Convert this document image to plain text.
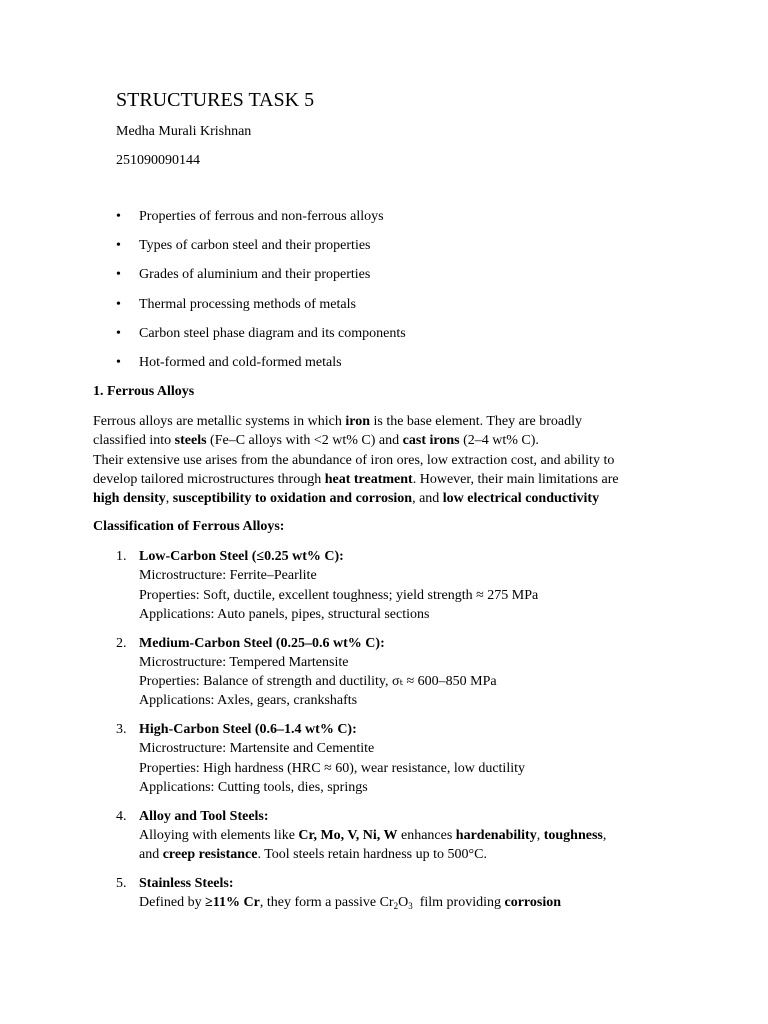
STRUCTURES TASK 5

Medha Murali Krishnan

251090090144

• Properties of ferrous and non-ferrous alloys
• Types of carbon steel and their properties
• Grades of aluminium and their properties
• Thermal processing methods of metals
• Carbon steel phase diagram and its components
• Hot-formed and cold-formed metals

1. Ferrous Alloys

Ferrous alloys are metallic systems in which iron is the base element. They are broadly
classified into steels (Fe–C alloys with <2 wt% C) and cast irons (2–4 wt% C).
Their extensive use arises from the abundance of iron ores, low extraction cost, and ability to
develop tailored microstructures through heat treatment. However, their main limitations are
high density, susceptibility to oxidation and corrosion, and low electrical conductivity

Classification of Ferrous Alloys:

1. Low-Carbon Steel (≤0.25 wt% C):
Microstructure: Ferrite–Pearlite
Properties: Soft, ductile, excellent toughness; yield strength ≈ 275 MPa
Applications: Auto panels, pipes, structural sections
2. Medium-Carbon Steel (0.25–0.6 wt% C):
Microstructure: Tempered Martensite
Properties: Balance of strength and ductility, σₜ ≈ 600–850 MPa
Applications: Axles, gears, crankshafts
3. High-Carbon Steel (0.6–1.4 wt% C):
Microstructure: Martensite and Cementite
Properties: High hardness (HRC ≈ 60), wear resistance, low ductility
Applications: Cutting tools, dies, springs
4. Alloy and Tool Steels:
Alloying with elements like Cr, Mo, V, Ni, W enhances hardenability, toughness,
and creep resistance. Tool steels retain hardness up to 500°C.
5. Stainless Steels:
Defined by ≥11% Cr, they form a passive $Cr_2O_3$  film providing corrosion
